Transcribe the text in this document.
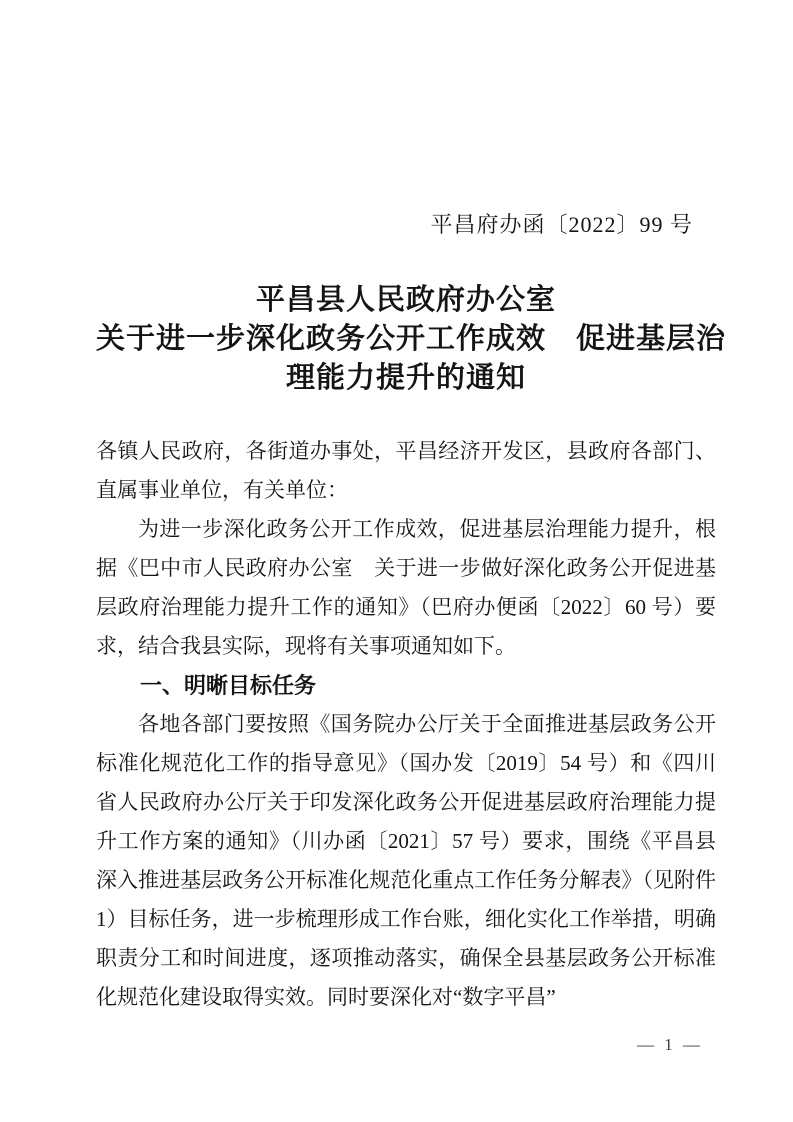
平昌府办函〔2022〕99 号
平昌县人民政府办公室
关于进一步深化政务公开工作成效　促进基层治
理能力提升的通知

各镇人民政府，各街道办事处，平昌经济开发区，县政府各部门、直属事业单位，有关单位：

为进一步深化政务公开工作成效，促进基层治理能力提升，根据《巴中市人民政府办公室　关于进一步做好深化政务公开促进基层政府治理能力提升工作的通知》（巴府办便函〔2022〕60 号）要求，结合我县实际，现将有关事项通知如下。

一、明晰目标任务

各地各部门要按照《国务院办公厅关于全面推进基层政务公开标准化规范化工作的指导意见》（国办发〔2019〕54 号）和《四川省人民政府办公厅关于印发深化政务公开促进基层政府治理能力提升工作方案的通知》（川办函〔2021〕57 号）要求，围绕《平昌县深入推进基层政务公开标准化规范化重点工作任务分解表》（见附件 1）目标任务，进一步梳理形成工作台账，细化实化工作举措，明确职责分工和时间进度，逐项推动落实，确保全县基层政务公开标准化规范化建设取得实效。同时要深化对“数字平昌”

— 1 —
